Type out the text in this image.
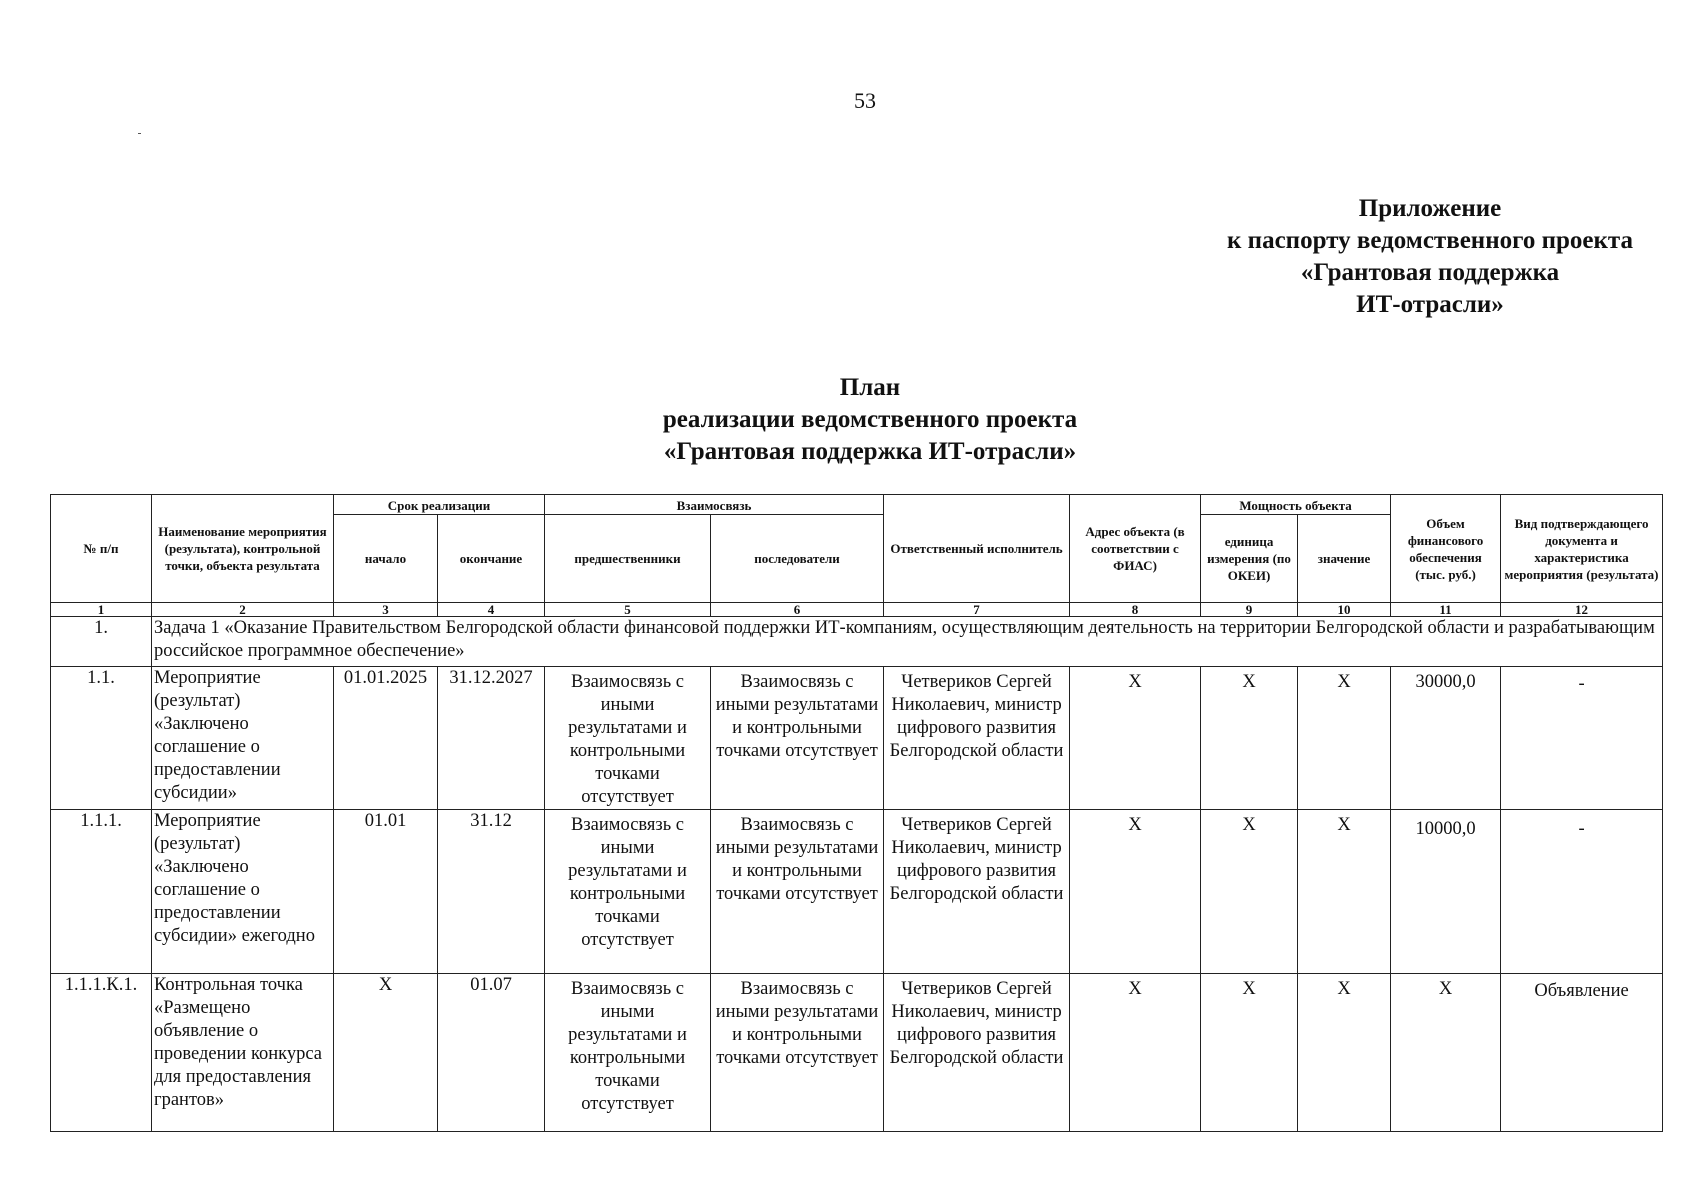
53
Приложение
к паспорту ведомственного проекта
«Грантовая поддержка
ИТ-отрасли»
План
реализации ведомственного проекта
«Грантовая поддержка ИТ-отрасли»
№ п/п	Наименование мероприятия (результата), контрольной точки, объекта результата	Срок реализации		Взаимосвязь		Ответственный исполнитель	Адрес объекта (в соответствии с ФИАС)	Мощность объекта		Объем финансового обеспечения (тыс. руб.)	Вид подтверждающего документа и характеристика мероприятия (результата)
		начало	окончание	предшественники	последователи			единица измерения (по ОКЕИ)	значение		
1	2	3	4	5	6	7	8	9	10	11	12
1.	Задача 1 «Оказание Правительством Белгородской области финансовой поддержки ИТ-компаниям, осуществляющим деятельность на территории Белгородской области и разрабатывающим российское программное обеспечение»										
1.1.	Мероприятие (результат) «Заключено соглашение о предоставлении субсидии»	01.01.2025	31.12.2027	Взаимосвязь с иными результатами и контрольными точками отсутствует	Взаимосвязь с иными результатами и контрольными точками отсутствует	Четвериков Сергей Николаевич, министр цифрового развития Белгородской области	Х	Х	Х	30000,0	-
1.1.1.	Мероприятие (результат) «Заключено соглашение о предоставлении субсидии» ежегодно	01.01	31.12	Взаимосвязь с иными результатами и контрольными точками отсутствует	Взаимосвязь с иными результатами и контрольными точками отсутствует	Четвериков Сергей Николаевич, министр цифрового развития Белгородской области	Х	Х	Х	10000,0	-
1.1.1.К.1.	Контрольная точка «Размещено объявление о проведении конкурса для предоставления грантов»	Х	01.07	Взаимосвязь с иными результатами и контрольными точками отсутствует	Взаимосвязь с иными результатами и контрольными точками отсутствует	Четвериков Сергей Николаевич, министр цифрового развития Белгородской области	Х	Х	Х	Х	Объявление
